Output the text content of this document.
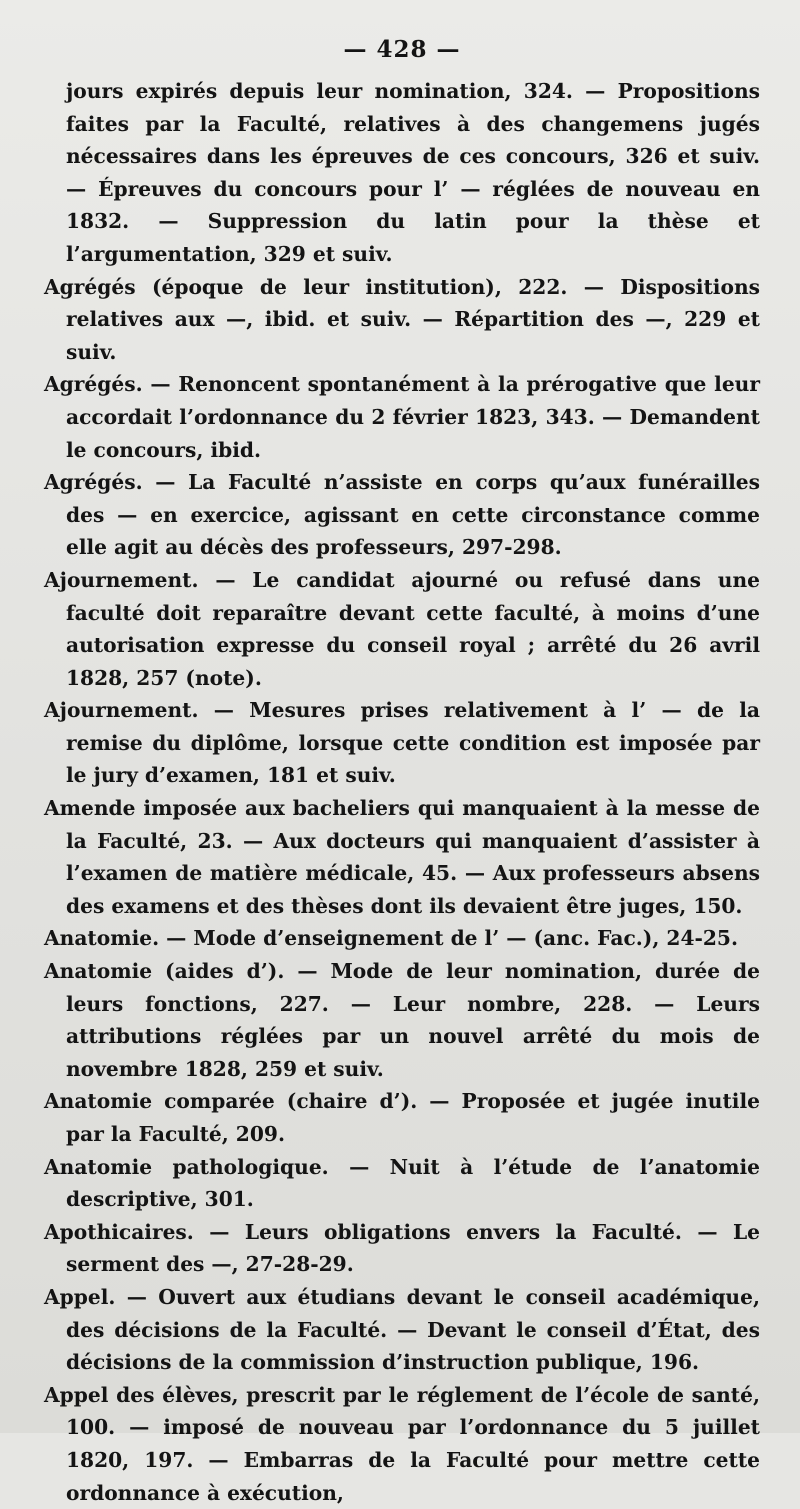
— 428 —

jours expirés depuis leur nomination, 324. — Propositions faites par la Faculté, relatives à des changemens jugés nécessaires dans les épreuves de ces concours, 326 et suiv. — Épreuves du concours pour l’ — réglées de nouveau en 1832. — Suppression du latin pour la thèse et l’argumentation, 329 et suiv.

Agrégés (époque de leur institution), 222. — Dispositions relatives aux —, ibid. et suiv. — Répartition des —, 229 et suiv.

Agrégés. — Renoncent spontanément à la prérogative que leur accordait l’ordonnance du 2 février 1823, 343. — Demandent le concours, ibid.

Agrégés. — La Faculté n’assiste en corps qu’aux funérailles des — en exercice, agissant en cette circonstance comme elle agit au décès des professeurs, 297-298.

Ajournement. — Le candidat ajourné ou refusé dans une faculté doit reparaître devant cette faculté, à moins d’une autorisation expresse du conseil royal ; arrêté du 26 avril 1828, 257 (note).

Ajournement. — Mesures prises relativement à l’ — de la remise du diplôme, lorsque cette condition est imposée par le jury d’examen, 181 et suiv.

Amende imposée aux bacheliers qui manquaient à la messe de la Faculté, 23. — Aux docteurs qui manquaient d’assister à l’examen de matière médicale, 45. — Aux professeurs absens des examens et des thèses dont ils devaient être juges, 150.

Anatomie. — Mode d’enseignement de l’ — (anc. Fac.), 24-25.

Anatomie (aides d’). — Mode de leur nomination, durée de leurs fonctions, 227. — Leur nombre, 228. — Leurs attributions réglées par un nouvel arrêté du mois de novembre 1828, 259 et suiv.

Anatomie comparée (chaire d’). — Proposée et jugée inutile par la Faculté, 209.

Anatomie pathologique. — Nuit à l’étude de l’anatomie descriptive, 301.

Apothicaires. — Leurs obligations envers la Faculté. — Le serment des —, 27-28-29.

Appel. — Ouvert aux étudians devant le conseil académique, des décisions de la Faculté. — Devant le conseil d’État, des décisions de la commission d’instruction publique, 196.

Appel des élèves, prescrit par le réglement de l’école de santé, 100. — imposé de nouveau par l’ordonnance du 5 juillet 1820, 197. — Embarras de la Faculté pour mettre cette ordonnance à exécution,
